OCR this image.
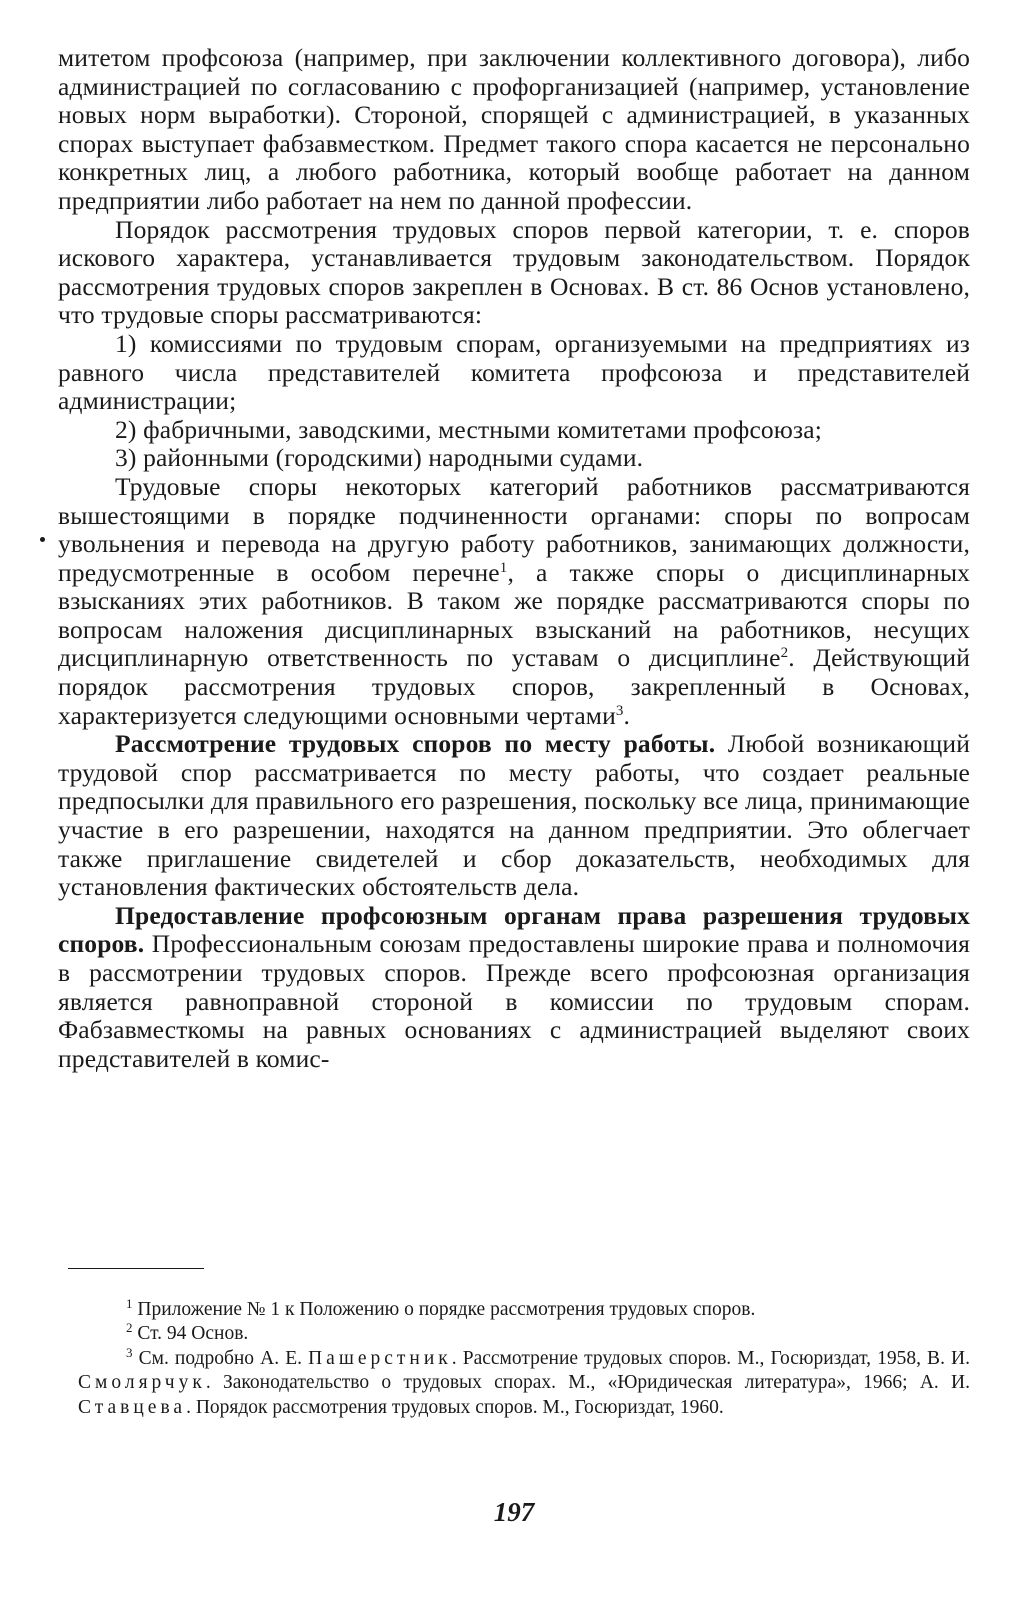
митетом профсоюза (например, при заключении коллективного договора), либо администрацией по согласованию с профорганизацией (например, установление новых норм выработки). Стороной, спорящей с администрацией, в указанных спорах выступает фабзавместком. Предмет такого спора касается не персонально конкретных лиц, а любого работника, который вообще работает на данном предприятии либо работает на нем по данной профессии.

Порядок рассмотрения трудовых споров первой категории, т. е. споров искового характера, устанавливается трудовым законодательством. Порядок рассмотрения трудовых споров закреплен в Основах. В ст. 86 Основ установлено, что трудовые споры рассматриваются:

1) комиссиями по трудовым спорам, организуемыми на предприятиях из равного числа представителей комитета профсоюза и представителей администрации;

2) фабричными, заводскими, местными комитетами профсоюза;

3) районными (городскими) народными судами.

Трудовые споры некоторых категорий работников рассматриваются вышестоящими в порядке подчиненности органами: споры по вопросам увольнения и перевода на другую работу работников, занимающих должности, предусмотренные в особом перечне$^1$, а также споры о дисциплинарных взысканиях этих работников. В таком же порядке рассматриваются споры по вопросам наложения дисциплинарных взысканий на работников, несущих дисциплинарную ответственность по уставам о дисциплине$^2$. Действующий порядок рассмотрения трудовых споров, закрепленный в Основах, характеризуется следующими основными чертами$^3$.

Рассмотрение трудовых споров по месту работы. Любой возникающий трудовой спор рассматривается по месту работы, что создает реальные предпосылки для правильного его разрешения, поскольку все лица, принимающие участие в его разрешении, находятся на данном предприятии. Это облегчает также приглашение свидетелей и сбор доказательств, необходимых для установления фактических обстоятельств дела.

Предоставление профсоюзным органам права разрешения трудовых споров. Профессиональным союзам предоставлены широкие права и полномочия в рассмотрении трудовых споров. Прежде всего профсоюзная организация является равноправной стороной в комиссии по трудовым спорам. Фабзавместкомы на равных основаниях с администрацией выделяют своих представителей в комис-

$^1$ Приложение № 1 к Положению о порядке рассмотрения трудовых споров.

$^2$ Ст. 94 Основ.

$^3$ См. подробно А. Е. Пашерстник. Рассмотрение трудовых споров. М., Госюриздат, 1958, В. И. Смолярчук. Законодательство о трудовых спорах. М., «Юридическая литература», 1966; А. И. Ставцева. Порядок рассмотрения трудовых споров. М., Госюриздат, 1960.

197
